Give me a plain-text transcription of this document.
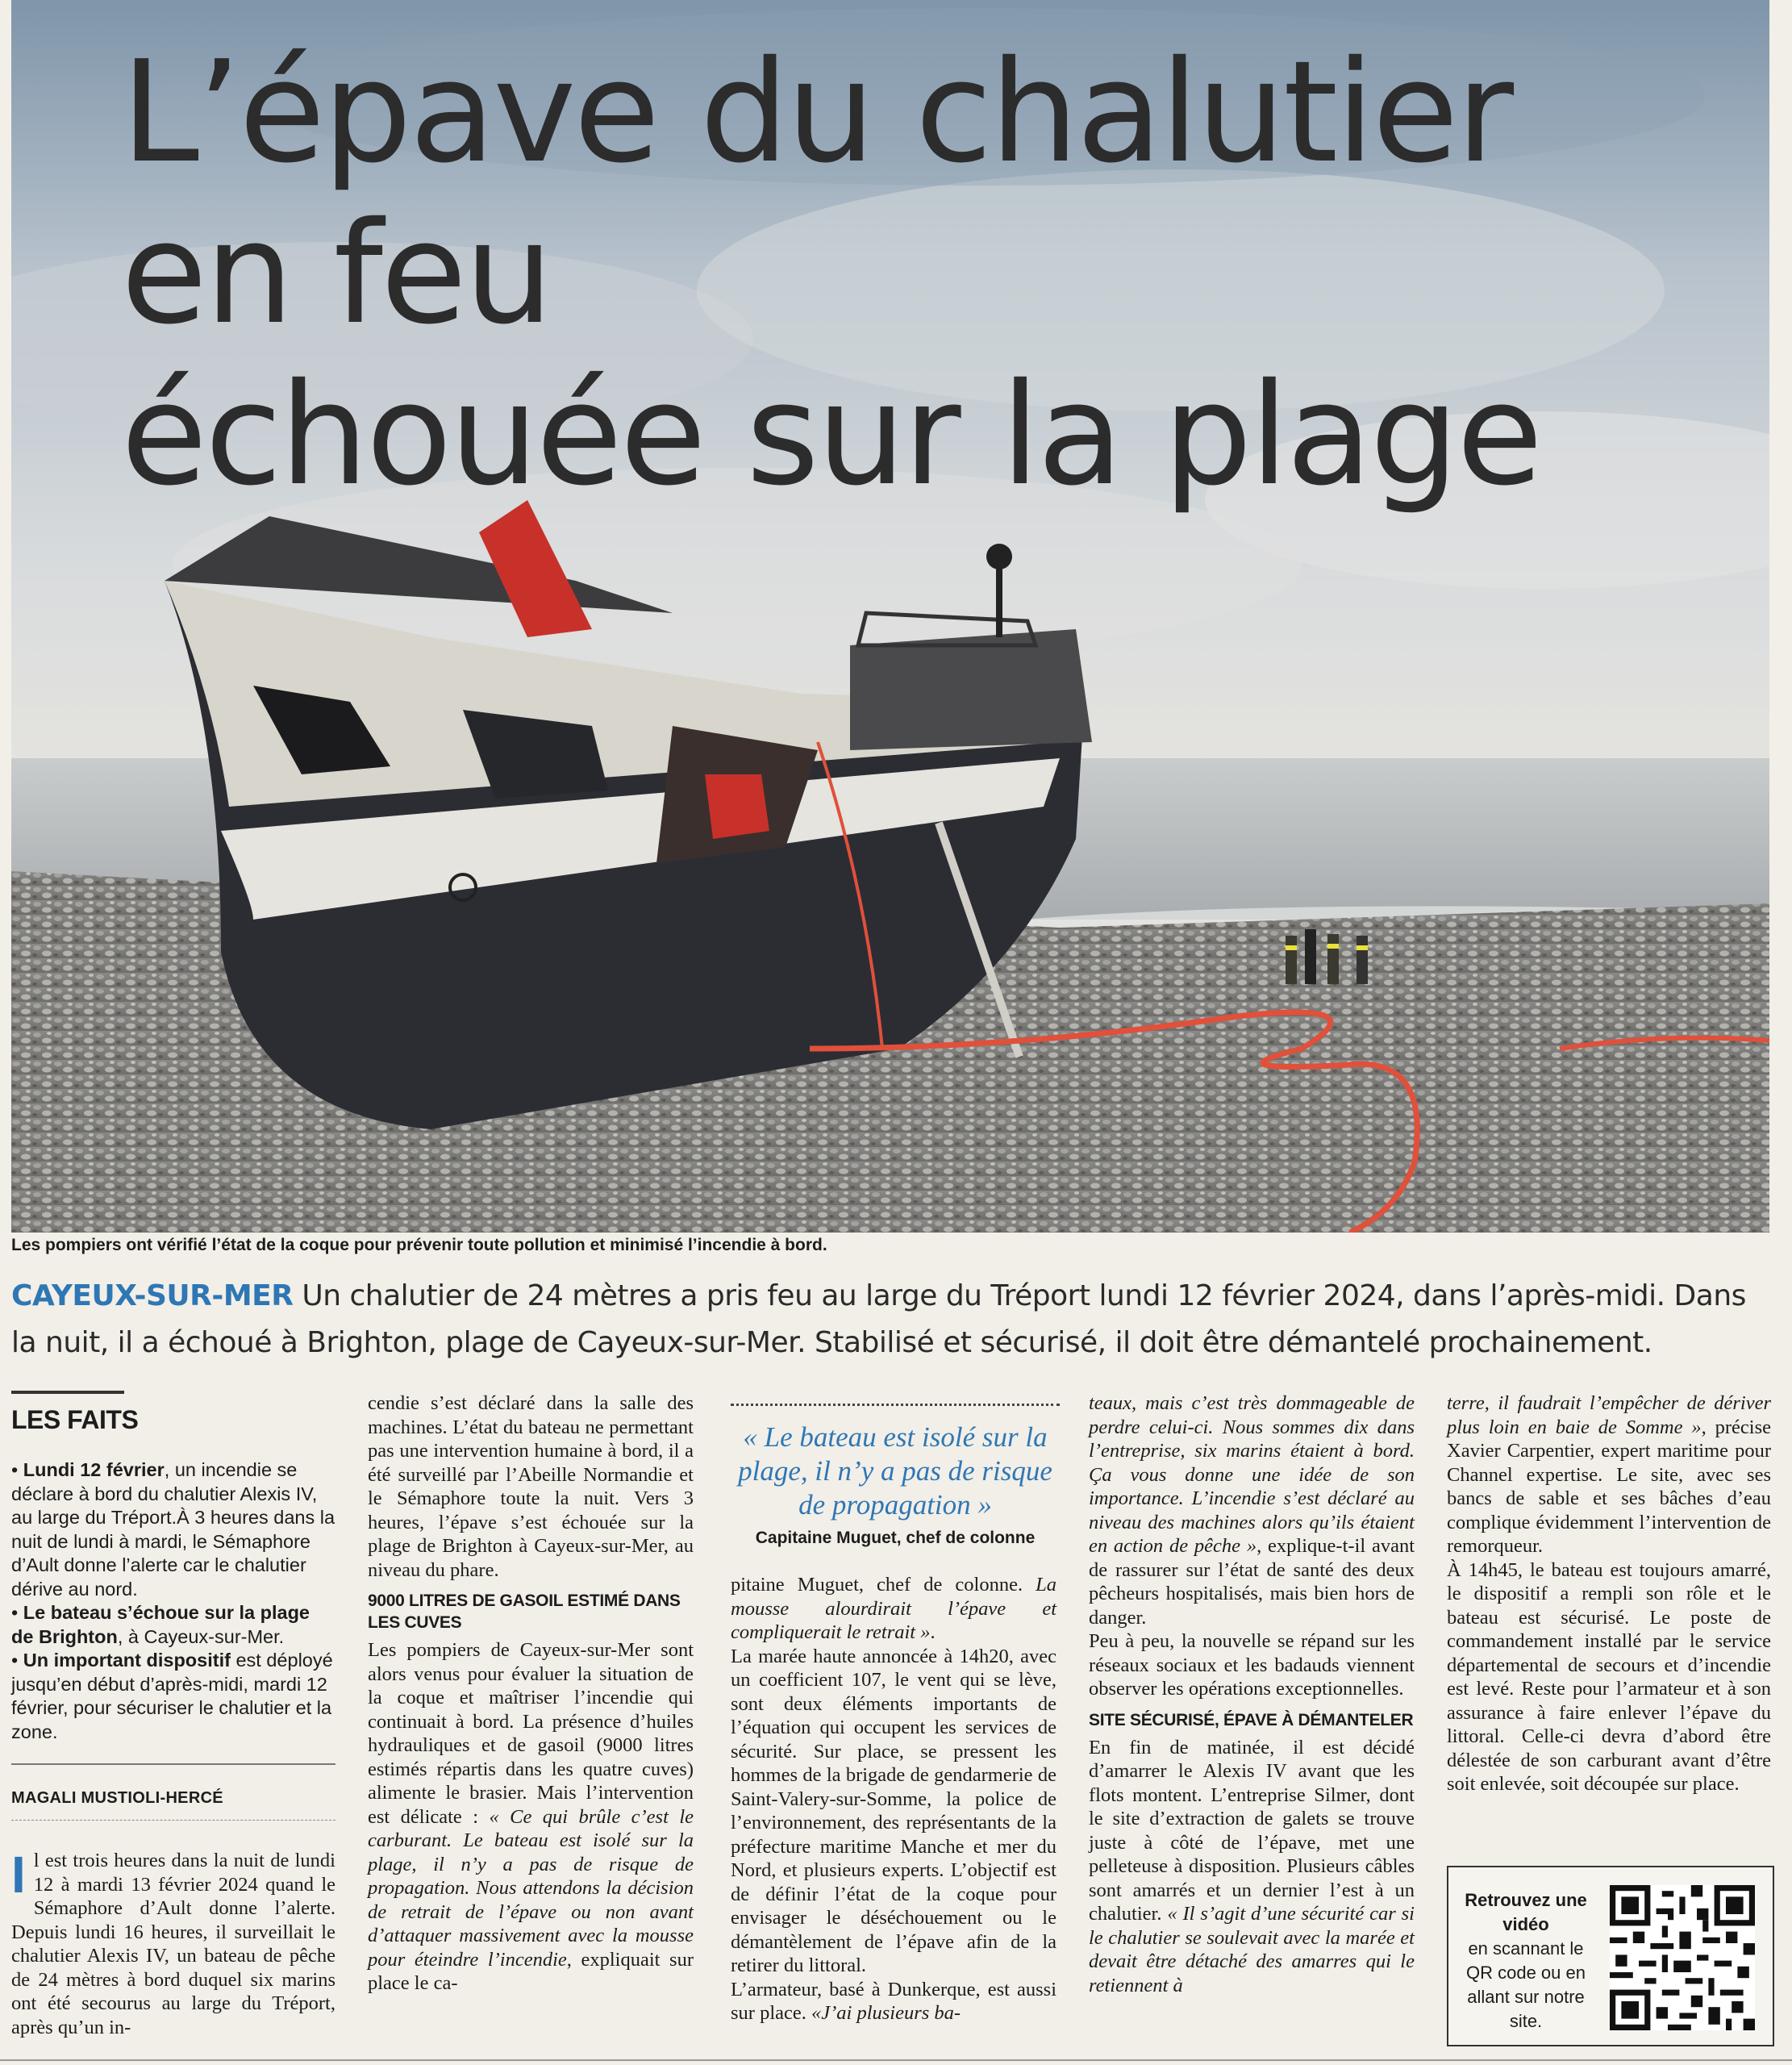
L’épave du chalutier en feu
échouée sur la plage
Les pompiers ont vérifié l’état de la coque pour prévenir toute pollution et minimisé l’incendie à bord.

CAYEUX-SUR-MER Un chalutier de 24 mètres a pris feu au large du Tréport lundi 12 février 2024, dans l’après-midi. Dans la nuit, il a échoué à Brighton, plage de Cayeux-sur-Mer. Stabilisé et sécurisé, il doit être démantelé prochainement.

LES FAITS

• Lundi 12 février, un incendie se déclare à bord du chalutier Alexis IV, au large du Tréport.À 3 heures dans la nuit de lundi à mardi, le Sémaphore d’Ault donne l’alerte car le chalutier dérive au nord.

• Le bateau s’échoue sur la plage de Brighton, à Cayeux-sur-Mer.

• Un important dispositif est déployé jusqu’en début d’après-midi, mardi 12 février, pour sécuriser le chalutier et la zone.

MAGALI MUSTIOLI-HERCÉ

Il est trois heures dans la nuit de lundi 12 à mardi 13 février 2024 quand le Sémaphore d’Ault donne l’alerte. Depuis lundi 16 heures, il surveillait le chalutier Alexis IV, un bateau de pêche de 24 mètres à bord duquel six marins ont été secourus au large du Tréport, après qu’un in-

cendie s’est déclaré dans la salle des machines. L’état du bateau ne permettant pas une intervention humaine à bord, il a été surveillé par l’Abeille Normandie et le Sémaphore toute la nuit. Vers 3 heures, l’épave s’est échouée sur la plage de Brighton à Cayeux-sur-Mer, au niveau du phare.

9000 LITRES DE GASOIL ESTIMÉ DANS LES CUVES

Les pompiers de Cayeux-sur-Mer sont alors venus pour évaluer la situation de la coque et maîtriser l’incendie qui continuait à bord. La présence d’huiles hydrauliques et de gasoil (9000 litres estimés répartis dans les quatre cuves) alimente le brasier. Mais l’intervention est délicate : « Ce qui brûle c’est le carburant. Le bateau est isolé sur la plage, il n’y a pas de risque de propagation. Nous attendons la décision de retrait de l’épave ou non avant d’attaquer massivement avec la mousse pour éteindre l’incendie, expliquait sur place le ca-

« Le bateau est isolé sur la plage, il n’y a pas de risque de propagation »
Capitaine Muguet, chef de colonne

pitaine Muguet, chef de colonne. La mousse alourdirait l’épave et compliquerait le retrait ».

La marée haute annoncée à 14h20, avec un coefficient 107, le vent qui se lève, sont deux éléments importants de l’équation qui occupent les services de sécurité. Sur place, se pressent les hommes de la brigade de gendarmerie de Saint-Valery-sur-Somme, la police de l’environnement, des représentants de la préfecture maritime Manche et mer du Nord, et plusieurs experts. L’objectif est de définir l’état de la coque pour envisager le déséchouement ou le démantèlement de l’épave afin de la retirer du littoral.

L’armateur, basé à Dunkerque, est aussi sur place. «J’ai plusieurs ba-

teaux, mais c’est très dommageable de perdre celui-ci. Nous sommes dix dans l’entreprise, six marins étaient à bord. Ça vous donne une idée de son importance. L’incendie s’est déclaré au niveau des machines alors qu’ils étaient en action de pêche », explique-t-il avant de rassurer sur l’état de santé des deux pêcheurs hospitalisés, mais bien hors de danger.

Peu à peu, la nouvelle se répand sur les réseaux sociaux et les badauds viennent observer les opérations exceptionnelles.

SITE SÉCURISÉ, ÉPAVE À DÉMANTELER

En fin de matinée, il est décidé d’amarrer le Alexis IV avant que les flots montent. L’entreprise Silmer, dont le site d’extraction de galets se trouve juste à côté de l’épave, met une pelleteuse à disposition. Plusieurs câbles sont amarrés et un dernier l’est à un chalutier. « Il s’agit d’une sécurité car si le chalutier se soulevait avec la marée et devait être détaché des amarres qui le retiennent à

terre, il faudrait l’empêcher de dériver plus loin en baie de Somme », précise Xavier Carpentier, expert maritime pour Channel expertise. Le site, avec ses bancs de sable et ses bâches d’eau complique évidemment l’intervention de remorqueur.

À 14h45, le bateau est toujours amarré, le dispositif a rempli son rôle et le bateau est sécurisé. Le poste de commandement installé par le service départemental de secours et d’incendie est levé. Reste pour l’armateur et à son assurance à faire enlever l’épave du littoral. Celle-ci devra d’abord être délestée de son carburant avant d’être soit enlevée, soit découpée sur place.

Retrouvez une vidéo
en scannant le QR code ou en allant sur notre site.
